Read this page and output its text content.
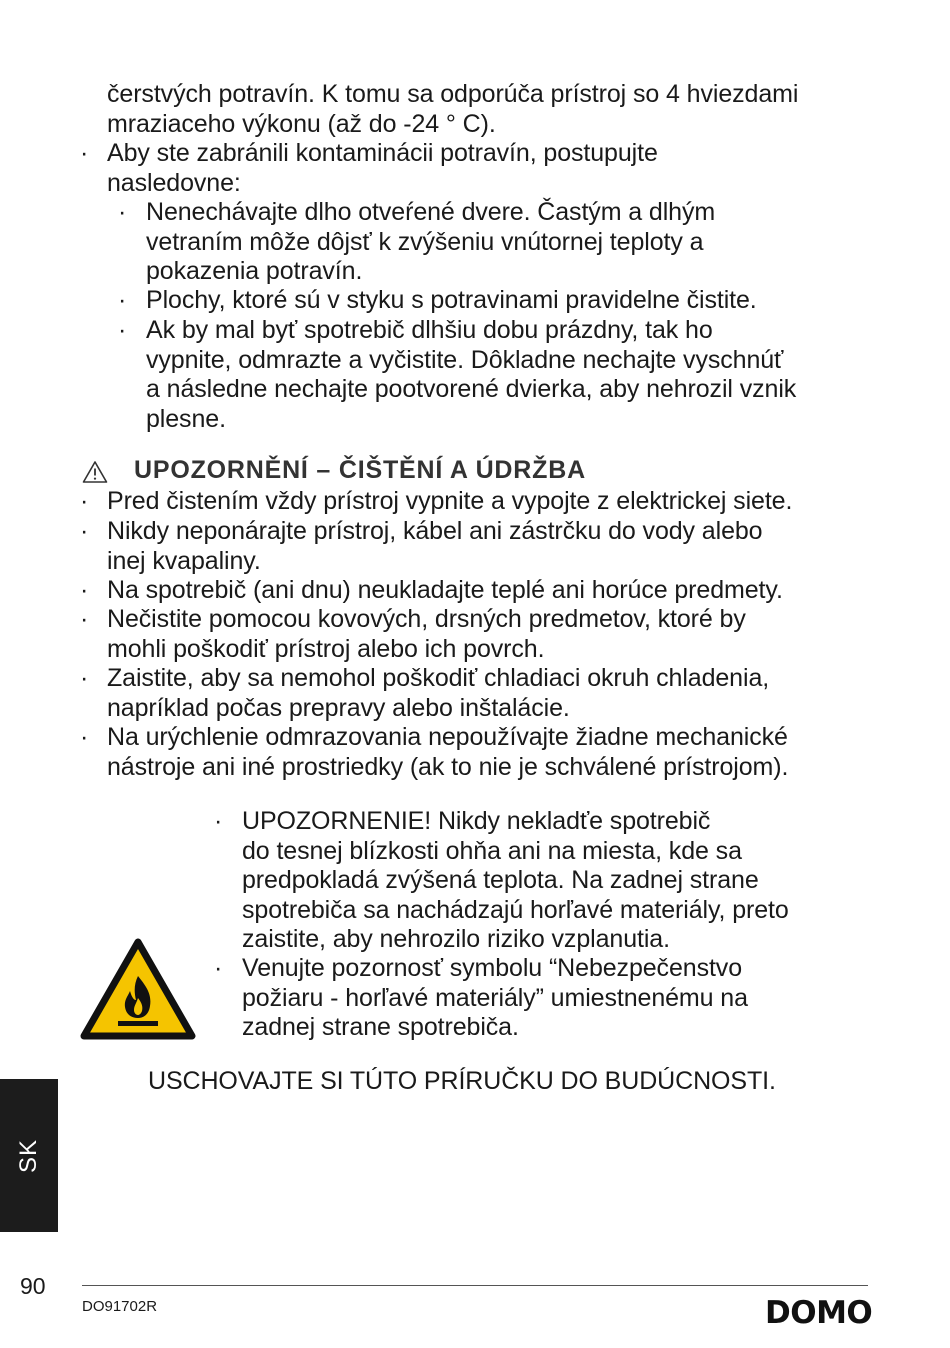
čerstvých potravín. K tomu sa odporúča prístroj so 4 hviezdami
mraziaceho výkonu (až do -24 ° C).
· Aby ste zabránili kontaminácii potravín, postupujte
nasledovne:
· Nenechávajte dlho otveŕené dvere. Častým a dlhým
vetraním môže dôjsť k zvýšeniu vnútornej teploty a
pokazenia potravín.
· Plochy, ktoré sú v styku s potravinami pravidelne čistite.
· Ak by mal byť spotrebič dlhšiu dobu prázdny, tak ho
vypnite, odmrazte a vyčistite. Dôkladne nechajte vyschnúť
a následne nechajte pootvorené dvierka, aby nehrozil vznik
plesne.
UPOZORNĚNÍ – ČIŠTĚNÍ A ÚDRŽBA
· Pred čistením vždy prístroj vypnite a vypojte z elektrickej siete.
· Nikdy neponárajte prístroj, kábel ani zástrčku do vody alebo
inej kvapaliny.
· Na spotrebič (ani dnu) neukladajte teplé ani horúce predmety.
· Nečistite pomocou kovových, drsných predmetov, ktoré by
mohli poškodiť prístroj alebo ich povrch.
· Zaistite, aby sa nemohol poškodiť chladiaci okruh chladenia,
napríklad počas prepravy alebo inštalácie.
· Na urýchlenie odmrazovania nepoužívajte žiadne mechanické
nástroje ani iné prostriedky (ak to nie je schválené prístrojom).
· UPOZORNENIE! Nikdy nekladťe spotrebič
do tesnej blízkosti ohňa ani na miesta, kde sa
predpokladá zvýšená teplota. Na zadnej strane
spotrebiča sa nachádzajú horľavé materiály, preto
zaistite, aby nehrozilo riziko vzplanutia.
· Venujte pozornosť symbolu “Nebezpečenstvo
požiaru - horľavé materiály” umiestnenému na
zadnej strane spotrebiča.
USCHOVAJTE SI TÚTO PRÍRUČKU DO BUDÚCNOSTI.
SK
90
DO91702R	DOMO
